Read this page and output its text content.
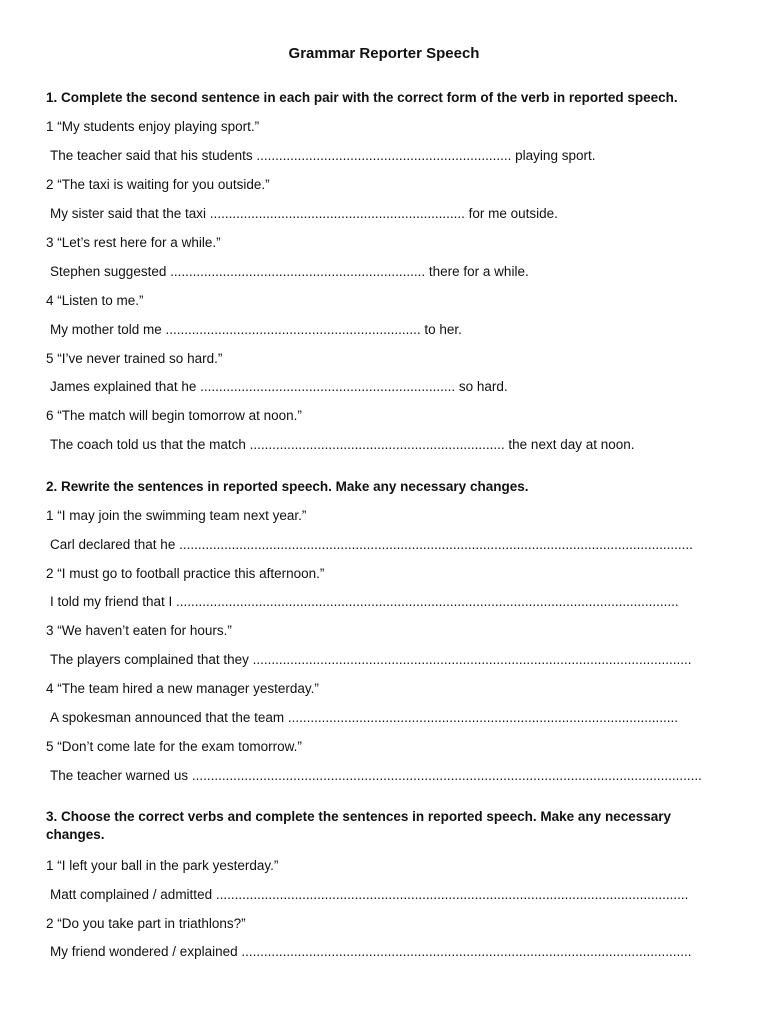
Grammar Reporter Speech
1. Complete the second sentence in each pair with the correct form of the verb in reported speech.
1 “My students enjoy playing sport.”
The teacher said that his students .................................................................... playing sport.
2 “The taxi is waiting for you outside.”
My sister said that the taxi .................................................................... for me outside.
3 “Let’s rest here for a while.”
Stephen suggested .................................................................... there for a while.
4 “Listen to me.”
My mother told me .................................................................... to her.
5 “I’ve never trained so hard.”
James explained that he .................................................................... so hard.
6 “The match will begin tomorrow at noon.”
The coach told us that the match .................................................................... the next day at noon.
2. Rewrite the sentences in reported speech. Make any necessary changes.
1 “I may join the swimming team next year.”
Carl declared that he .........................................................................................................................................
2 “I must go to football practice this afternoon.”
I told my friend that I ......................................................................................................................................
3 “We haven’t eaten for hours.”
The players complained that they .....................................................................................................................
4 “The team hired a new manager yesterday.”
A spokesman announced that the team ........................................................................................................
5 “Don’t come late for the exam tomorrow.”
The teacher warned us ........................................................................................................................................
3. Choose the correct verbs and complete the sentences in reported speech. Make any necessary changes.
1 “I left your ball in the park yesterday.”
Matt complained / admitted ..............................................................................................................................
2 “Do you take part in triathlons?”
My friend wondered / explained ........................................................................................................................
